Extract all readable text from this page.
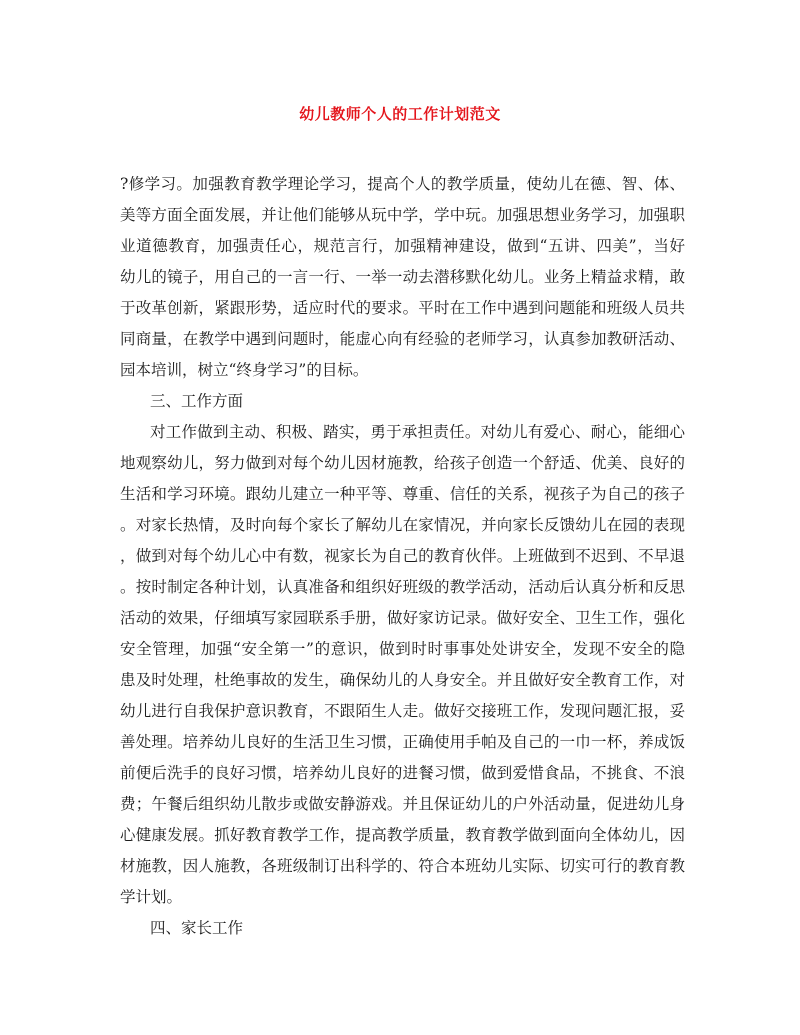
幼儿教师个人的工作计划范文
?修学习。加强教育教学理论学习，提高个人的教学质量，使幼儿在德、智、体、
美等方面全面发展，并让他们能够从玩中学，学中玩。加强思想业务学习，加强职
业道德教育，加强责任心，规范言行，加强精神建设，做到“五讲、四美”，当好
幼儿的镜子，用自己的一言一行、一举一动去潜移默化幼儿。业务上精益求精，敢
于改革创新，紧跟形势，适应时代的要求。平时在工作中遇到问题能和班级人员共
同商量，在教学中遇到问题时，能虚心向有经验的老师学习，认真参加教研活动、
园本培训，树立“终身学习”的目标。
三、工作方面
对工作做到主动、积极、踏实，勇于承担责任。对幼儿有爱心、耐心，能细心
地观察幼儿，努力做到对每个幼儿因材施教，给孩子创造一个舒适、优美、良好的
生活和学习环境。跟幼儿建立一种平等、尊重、信任的关系，视孩子为自己的孩子
。对家长热情，及时向每个家长了解幼儿在家情况，并向家长反馈幼儿在园的表现
，做到对每个幼儿心中有数，视家长为自己的教育伙伴。上班做到不迟到、不早退
。按时制定各种计划，认真准备和组织好班级的教学活动，活动后认真分析和反思
活动的效果，仔细填写家园联系手册，做好家访记录。做好安全、卫生工作，强化
安全管理，加强“安全第一”的意识，做到时时事事处处讲安全，发现不安全的隐
患及时处理，杜绝事故的发生，确保幼儿的人身安全。并且做好安全教育工作，对
幼儿进行自我保护意识教育，不跟陌生人走。做好交接班工作，发现问题汇报，妥
善处理。培养幼儿良好的生活卫生习惯，正确使用手帕及自己的一巾一杯，养成饭
前便后洗手的良好习惯，培养幼儿良好的进餐习惯，做到爱惜食品，不挑食、不浪
费；午餐后组织幼儿散步或做安静游戏。并且保证幼儿的户外活动量，促进幼儿身
心健康发展。抓好教育教学工作，提高教学质量，教育教学做到面向全体幼儿，因
材施教，因人施教，各班级制订出科学的、符合本班幼儿实际、切实可行的教育教
学计划。
四、家长工作
